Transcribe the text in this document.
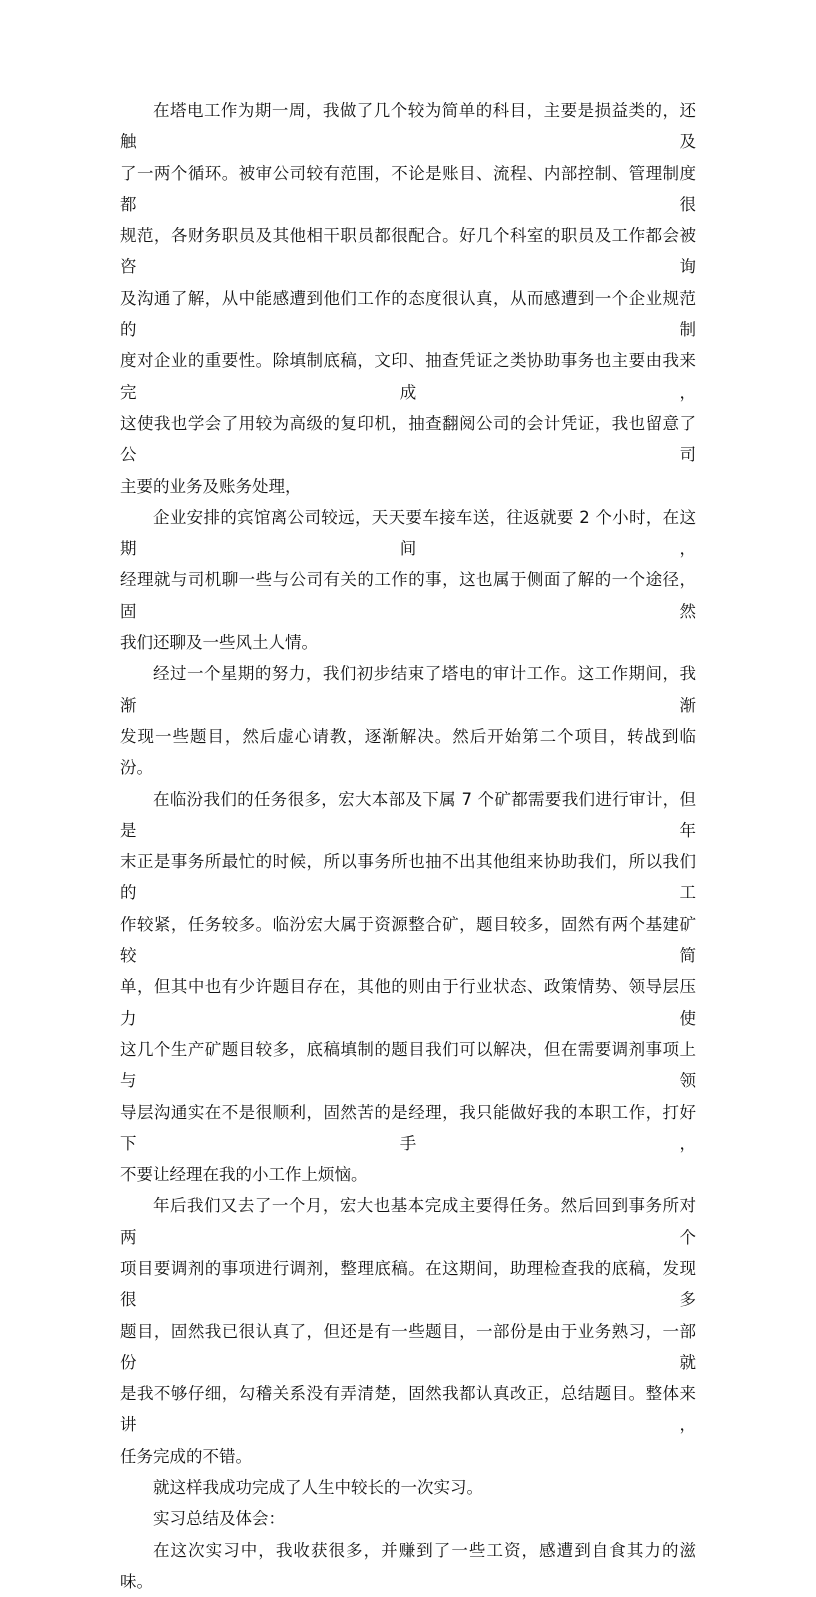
在塔电工作为期一周，我做了几个较为简单的科目，主要是损益类的，还触及
了一两个循环。被审公司较有范围，不论是账目、流程、内部控制、管理制度都很
规范，各财务职员及其他相干职员都很配合。好几个科室的职员及工作都会被咨询
及沟通了解，从中能感遭到他们工作的态度很认真，从而感遭到一个企业规范的制
度对企业的重要性。除填制底稿，文印、抽查凭证之类协助事务也主要由我来完成，
这使我也学会了用较为高级的复印机，抽查翻阅公司的会计凭证，我也留意了公司
主要的业务及账务处理，

企业安排的宾馆离公司较远，天天要车接车送，往返就要 2 个小时，在这期间，
经理就与司机聊一些与公司有关的工作的事，这也属于侧面了解的一个途径，固然
我们还聊及一些风土人情。

经过一个星期的努力，我们初步结束了塔电的审计工作。这工作期间，我渐渐
发现一些题目，然后虚心请教，逐渐解决。然后开始第二个项目，转战到临汾。

在临汾我们的任务很多，宏大本部及下属 7 个矿都需要我们进行审计，但是年
末正是事务所最忙的时候，所以事务所也抽不出其他组来协助我们，所以我们的工
作较紧，任务较多。临汾宏大属于资源整合矿，题目较多，固然有两个基建矿较简
单，但其中也有少许题目存在，其他的则由于行业状态、政策情势、领导层压力使
这几个生产矿题目较多，底稿填制的题目我们可以解决，但在需要调剂事项上与领
导层沟通实在不是很顺利，固然苦的是经理，我只能做好我的本职工作，打好下手，
不要让经理在我的小工作上烦恼。

年后我们又去了一个月，宏大也基本完成主要得任务。然后回到事务所对两个
项目要调剂的事项进行调剂，整理底稿。在这期间，助理检查我的底稿，发现很多
题目，固然我已很认真了，但还是有一些题目，一部份是由于业务熟习，一部份就
是我不够仔细，勾稽关系没有弄清楚，固然我都认真改正，总结题目。整体来讲，
任务完成的不错。

就这样我成功完成了人生中较长的一次实习。

实习总结及体会：

在这次实习中，我收获很多，并赚到了一些工资，感遭到自食其力的滋味。
